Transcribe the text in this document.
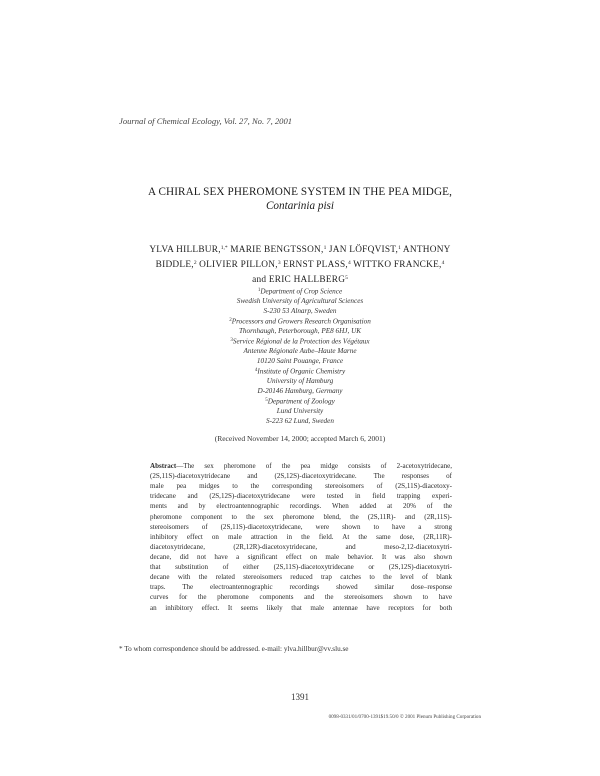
Journal of Chemical Ecology, Vol. 27, No. 7, 2001
A CHIRAL SEX PHEROMONE SYSTEM IN THE PEA MIDGE,
Contarinia pisi
YLVA HILLBUR,$^{1,*}$ MARIE BENGTSSON,$^1$ JAN LÖFQVIST,$^1$ ANTHONY
BIDDLE,$^2$ OLIVIER PILLON,$^3$ ERNST PLASS,$^4$ WITTKO FRANCKE,$^4$
and ERIC HALLBERG$^5$
$^1$Department of Crop Science
Swedish University of Agricultural Sciences
S-230 53 Alnarp, Sweden
$^2$Processors and Growers Research Organisation
Thornhaugh, Peterborough, PE8 6HJ, UK
$^3$Service Régional de la Protection des Végétaux
Antenne Régionale Aube–Haute Marne
10120 Saint Pouange, France
$^4$Institute of Organic Chemistry
University of Hamburg
D-20146 Hamburg, Germany
$^5$Department of Zoology
Lund University
S-223 62 Lund, Sweden
(Received November 14, 2000; accepted March 6, 2001)
Abstract—The sex pheromone of the pea midge consists of 2-acetoxytridecane,
(2S,11S)-diacetoxytridecane and (2S,12S)-diacetoxytridecane. The responses of
male pea midges to the corresponding stereoisomers of (2S,11S)-diacetoxy-
tridecane and (2S,12S)-diacetoxytridecane were tested in field trapping experi-
ments and by electroantennographic recordings. When added at 20% of the
pheromone component to the sex pheromone blend, the (2S,11R)- and (2R,11S)-
stereoisomers of (2S,11S)-diacetoxytridecane, were shown to have a strong
inhibitory effect on male attraction in the field. At the same dose, (2R,11R)-
diacetoxytridecane, (2R,12R)-diacetoxytridecane, and meso-2,12-diacetoxytri-
decane, did not have a significant effect on male behavior. It was also shown
that substitution of either (2S,11S)-diacetoxytridecane or (2S,12S)-diacetoxytri-
decane with the related stereoisomers reduced trap catches to the level of blank
traps. The electroantennographic recordings showed similar dose–response
curves for the pheromone components and the stereoisomers shown to have
an inhibitory effect. It seems likely that male antennae have receptors for both
* To whom correspondence should be addressed. e-mail: ylva.hillbur@vv.slu.se
1391
0098-0331/01/0700-1391$19.50/0 © 2001 Plenum Publishing Corporation
